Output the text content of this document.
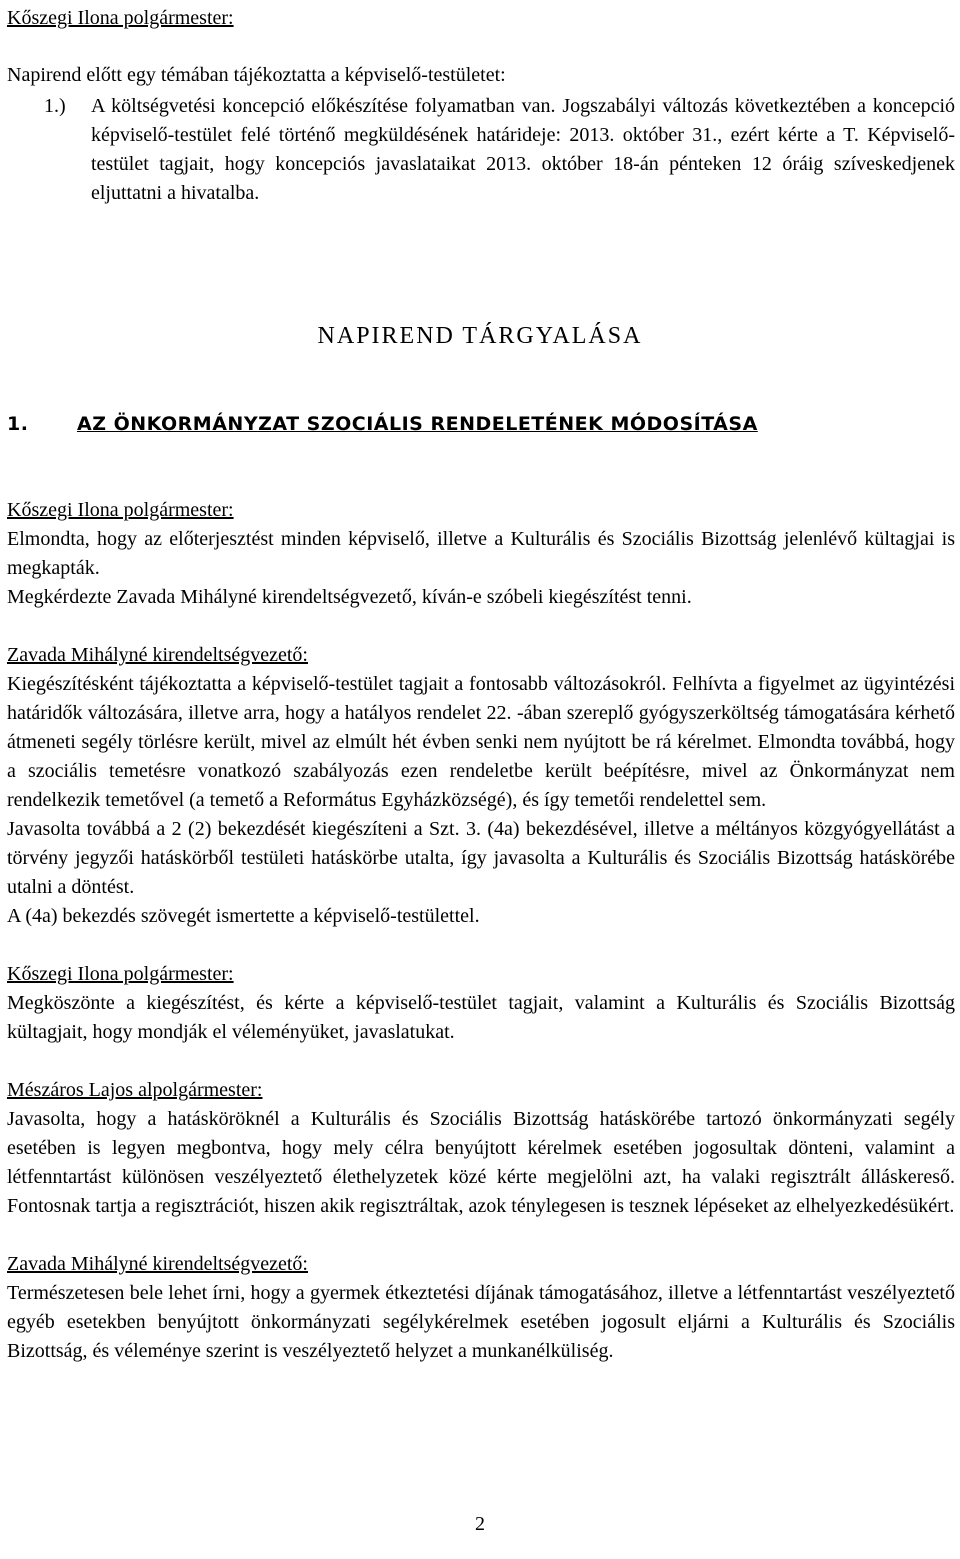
Kőszegi Ilona polgármester:

Napirend előtt egy témában tájékoztatta a képviselő-testületet:

1.)	A költségvetési koncepció előkészítése folyamatban van. Jogszabályi változás következtében a koncepció képviselő-testület felé történő megküldésének határideje: 2013. október 31., ezért kérte a T. Képviselő-testület tagjait, hogy koncepciós javaslataikat 2013. október 18-án pénteken 12 óráig szíveskedjenek eljuttatni a hivatalba.

NAPIREND TÁRGYALÁSA

1.	AZ ÖNKORMÁNYZAT SZOCIÁLIS RENDELETÉNEK MÓDOSÍTÁSA

Kőszegi Ilona polgármester:

Elmondta, hogy az előterjesztést minden képviselő, illetve a Kulturális és Szociális Bizottság jelenlévő kültagjai is megkapták.

Megkérdezte Zavada Mihályné kirendeltségvezető, kíván-e szóbeli kiegészítést tenni.

Zavada Mihályné kirendeltségvezető:

Kiegészítésként tájékoztatta a képviselő-testület tagjait a fontosabb változásokról. Felhívta a figyelmet az ügyintézési határidők változására, illetve arra, hogy a hatályos rendelet 22. -ában szereplő gyógyszerköltség támogatására kérhető átmeneti segély törlésre került, mivel az elmúlt hét évben senki nem nyújtott be rá kérelmet. Elmondta továbbá, hogy a szociális temetésre vonatkozó szabályozás ezen rendeletbe került beépítésre, mivel az Önkormányzat nem rendelkezik temetővel (a temető a Református Egyházközségé), és így temetői rendelettel sem.

Javasolta továbbá a 2 (2) bekezdését kiegészíteni a Szt. 3. (4a) bekezdésével, illetve a méltányos közgyógyellátást a törvény jegyzői hatáskörből testületi hatáskörbe utalta, így javasolta a Kulturális és Szociális Bizottság hatáskörébe utalni a döntést.

A (4a) bekezdés szövegét ismertette a képviselő-testülettel.

Kőszegi Ilona polgármester:

Megköszönte a kiegészítést, és kérte a képviselő-testület tagjait, valamint a Kulturális és Szociális Bizottság kültagjait, hogy mondják el véleményüket, javaslatukat.

Mészáros Lajos alpolgármester:

Javasolta, hogy a hatásköröknél a Kulturális és Szociális Bizottság hatáskörébe tartozó önkormányzati segély esetében is legyen megbontva, hogy mely célra benyújtott kérelmek esetében jogosultak dönteni, valamint a létfenntartást különösen veszélyeztető élethelyzetek közé kérte megjelölni azt, ha valaki regisztrált álláskereső. Fontosnak tartja a regisztrációt, hiszen akik regisztráltak, azok ténylegesen is tesznek lépéseket az elhelyezkedésükért.

Zavada Mihályné kirendeltségvezető:

Természetesen bele lehet írni, hogy a gyermek étkeztetési díjának támogatásához, illetve a létfenntartást veszélyeztető egyéb esetekben benyújtott önkormányzati segélykérelmek esetében jogosult eljárni a Kulturális és Szociális Bizottság, és véleménye szerint is veszélyeztető helyzet a munkanélküliség.

2
